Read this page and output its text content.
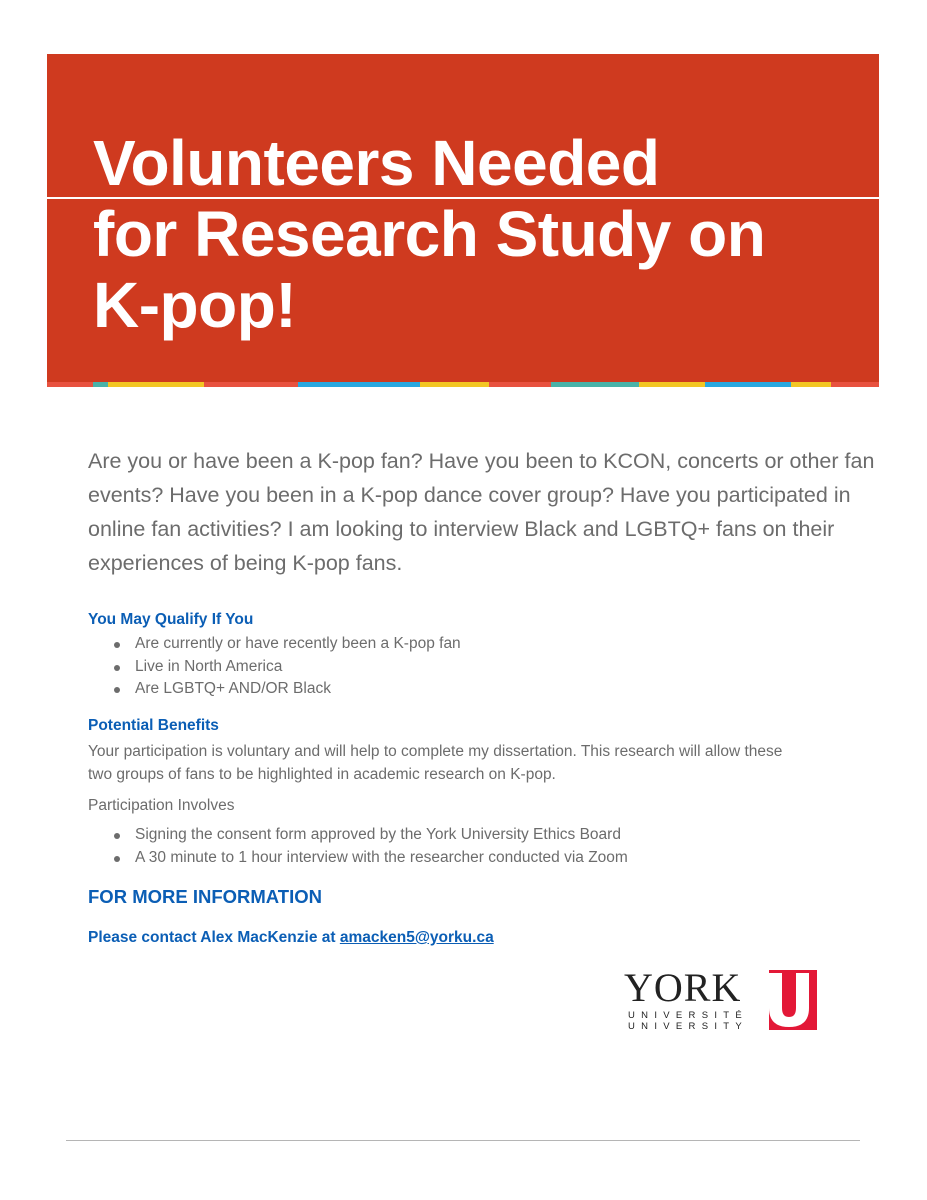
Volunteers Needed
for Research Study on
K-pop!

Are you or have been a K-pop fan? Have you been to KCON, concerts or other fan events? Have you been in a K-pop dance cover group? Have you participated in online fan activities? I am looking to interview Black and LGBTQ+ fans on their experiences of being K-pop fans.

You May Qualify If You
Are currently or have recently been a K-pop fan
Live in North America
Are LGBTQ+ AND/OR Black
Potential Benefits

Your participation is voluntary and will help to complete my dissertation. This research will allow these two groups of fans to be highlighted in academic research on K-pop.

Participation Involves

Signing the consent form approved by the York University Ethics Board
A 30 minute to 1 hour interview with the researcher conducted via Zoom
FOR MORE INFORMATION

Please contact Alex MacKenzie at amacken5@yorku.ca

YORK

UNIVERSITÉ

UNIVERSITY
